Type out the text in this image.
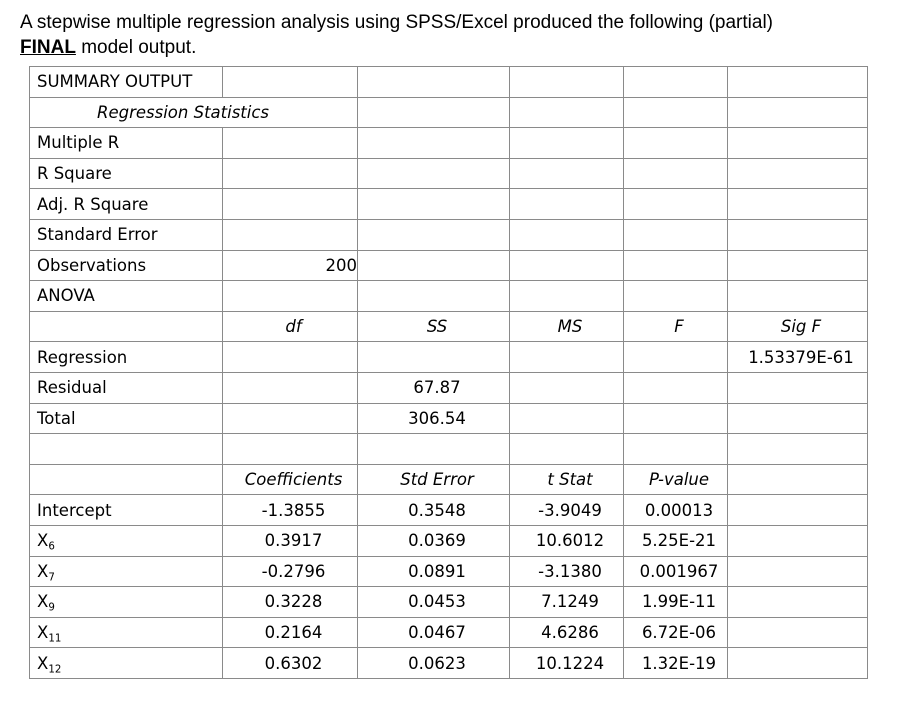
A stepwise multiple regression analysis using SPSS/Excel produced the following (partial)
FINAL model output.

SUMMARY OUTPUT					
Regression Statistics					
Multiple R					
R Square					
Adj. R Square					
Standard Error					
Observations	200				
ANOVA					
	df	SS	MS	F	Sig F
Regression					1.53379E-61
Residual		67.87			
Total		306.54			

	Coefficients	Std Error	t Stat	P-value	
Intercept	-1.3855	0.3548	-3.9049	0.00013	
$X_6$	0.3917	0.0369	10.6012	5.25E-21	
$X_7$	-0.2796	0.0891	-3.1380	0.001967	
$X_9$	0.3228	0.0453	7.1249	1.99E-11	
$X_{11}$	0.2164	0.0467	4.6286	6.72E-06	
$X_{12}$	0.6302	0.0623	10.1224	1.32E-19	
